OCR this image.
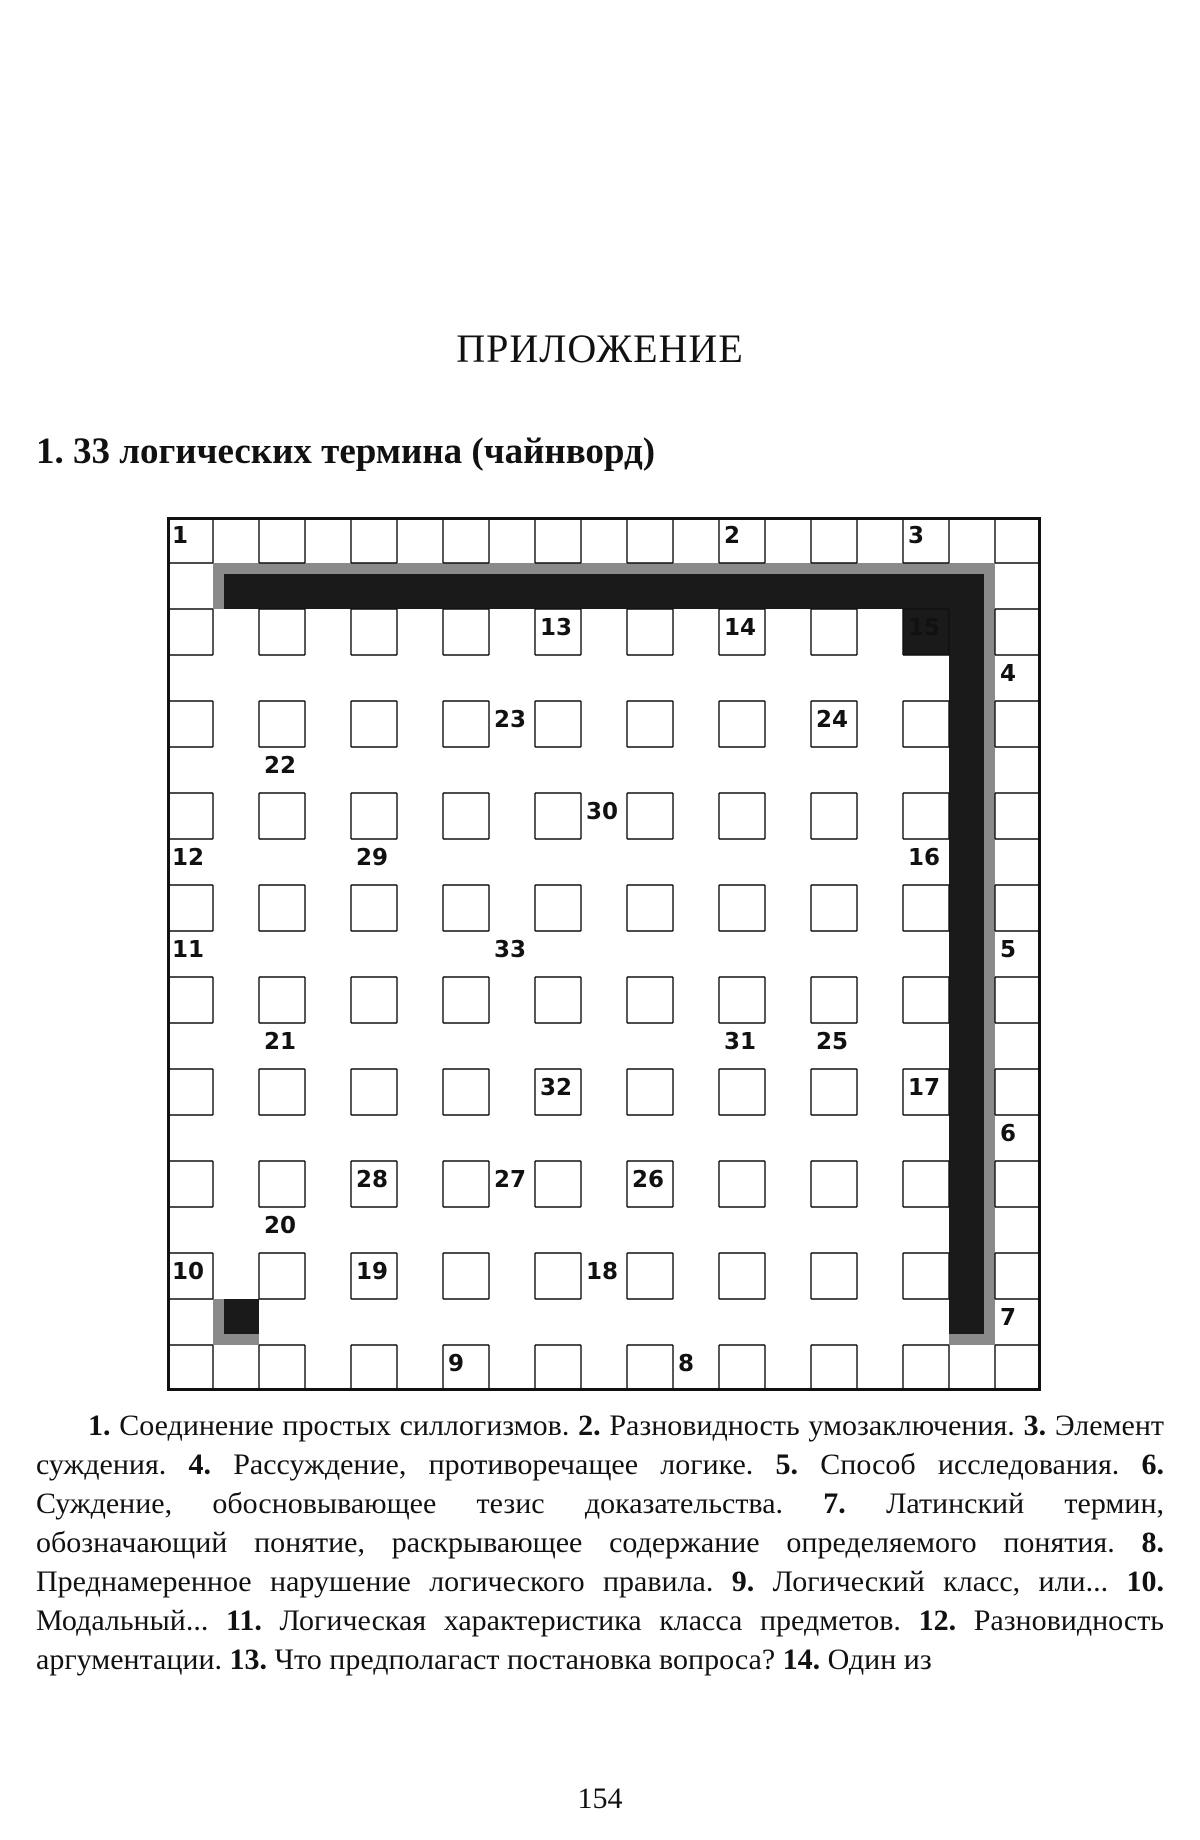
ПРИЛОЖЕНИЕ
1. 33 логических термина (чайнворд)
1	2	3
4
5
6
7
8
9
10
11
12
13	14	15
16
17
18
19
20
21
22
23	24
25
26
27
28
29
30
31
32
33
1. Соединение простых силлогизмов. 2. Разновидность умозаключения. 3. Элемент суждения. 4. Рассуждение, противоречащее логике. 5. Способ исследования. 6. Суждение, обосновывающее тезис доказательства. 7. Латинский термин, обозначающий понятие, раскрывающее содержание определяемого понятия. 8. Преднамеренное нарушение логического правила. 9. Логический класс, или... 10. Модальный... 11. Логическая характеристика класса предметов. 12. Разновидность аргументации. 13. Что предполагаст постановка вопроса? 14. Один из
154
